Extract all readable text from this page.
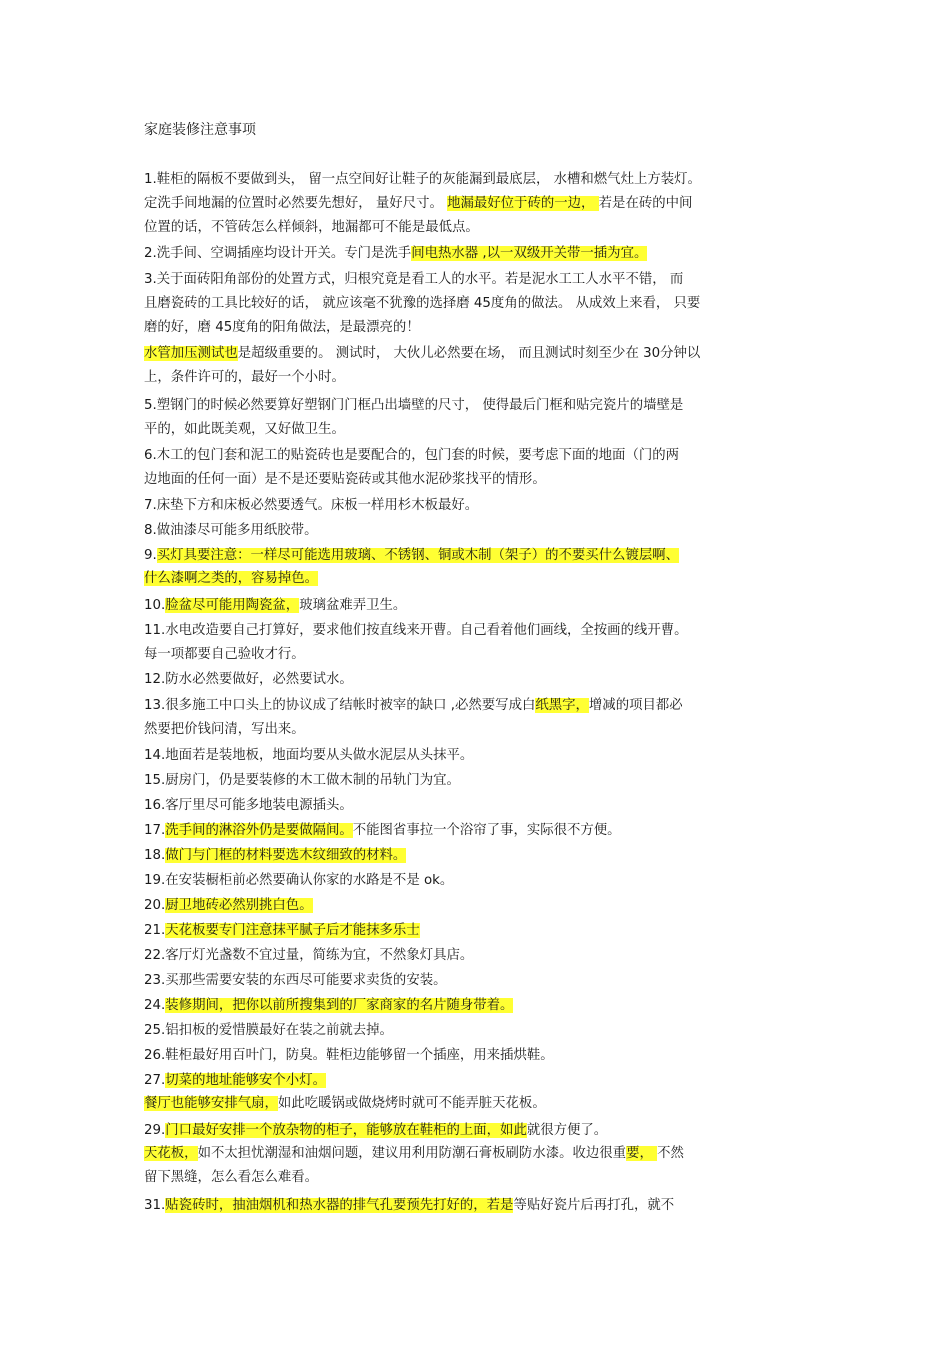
家庭装修注意事项
1.鞋柜的隔板不要做到头， 留一点空间好让鞋子的灰能漏到最底层， 水槽和燃气灶上方装灯。
定洗手间地漏的位置时必然要先想好， 量好尺寸。 地漏最好位于砖的一边， 若是在砖的中间
位置的话，不管砖怎么样倾斜，地漏都可不能是最低点。
2.洗手间、空调插座均设计开关。专门是洗手间电热水器 ,以一双级开关带一插为宜。
3.关于面砖阳角部份的处置方式，归根究竟是看工人的水平。若是泥水工工人水平不错， 而
且磨瓷砖的工具比较好的话， 就应该毫不犹豫的选择磨 45度角的做法。 从成效上来看， 只要
磨的好，磨 45度角的阳角做法，是最漂亮的！
水管加压测试也是超级重要的。 测试时， 大伙儿必然要在场， 而且测试时刻至少在 30分钟以
上，条件许可的，最好一个小时。
5.塑钢门的时候必然要算好塑钢门门框凸出墙壁的尺寸， 使得最后门框和贴完瓷片的墙壁是
平的，如此既美观，又好做卫生。
6.木工的包门套和泥工的贴瓷砖也是要配合的，包门套的时候，要考虑下面的地面（门的两
边地面的任何一面）是不是还要贴瓷砖或其他水泥砂浆找平的情形。
7.床垫下方和床板必然要透气。床板一样用杉木板最好。
8.做油漆尽可能多用纸胶带。
9.买灯具要注意：一样尽可能选用玻璃、不锈钢、铜或木制（架子）的不要买什么镀层啊、
什么漆啊之类的，容易掉色。
10.脸盆尽可能用陶瓷盆，玻璃盆难弄卫生。
11.水电改造要自己打算好，要求他们按直线来开曹。自己看着他们画线，全按画的线开曹。
每一项都要自己验收才行。
12.防水必然要做好，必然要试水。
13.很多施工中口头上的协议成了结帐时被宰的缺口 ,必然要写成白纸黑字，增减的项目都必
然要把价钱问清，写出来。
14.地面若是装地板，地面均要从头做水泥层从头抹平。
15.厨房门，仍是要装修的木工做木制的吊轨门为宜。
16.客厅里尽可能多地装电源插头。
17.洗手间的淋浴外仍是要做隔间。不能图省事拉一个浴帘了事，实际很不方便。
18.做门与门框的材料要选木纹细致的材料。
19.在安装橱柜前必然要确认你家的水路是不是 ok。
20.厨卫地砖必然别挑白色。
21.天花板要专门注意抹平腻子后才能抹多乐士
22.客厅灯光盏数不宜过量，简练为宜，不然象灯具店。
23.买那些需要安装的东西尽可能要求卖货的安装。
24.装修期间，把你以前所搜集到的厂家商家的名片随身带着。
25.铝扣板的爱惜膜最好在装之前就去掉。
26.鞋柜最好用百叶门，防臭。鞋柜边能够留一个插座，用来插烘鞋。
27.切菜的地址能够安个小灯。
餐厅也能够安排气扇，如此吃暖锅或做烧烤时就可不能弄脏天花板。
29.门口最好安排一个放杂物的柜子，能够放在鞋柜的上面，如此就很方便了。
天花板，如不太担忧潮湿和油烟问题，建议用利用防潮石膏板刷防水漆。收边很重要， 不然
留下黑缝，怎么看怎么难看。
31.贴瓷砖时，抽油烟机和热水器的排气孔要预先打好的，若是等贴好瓷片后再打孔，就不
